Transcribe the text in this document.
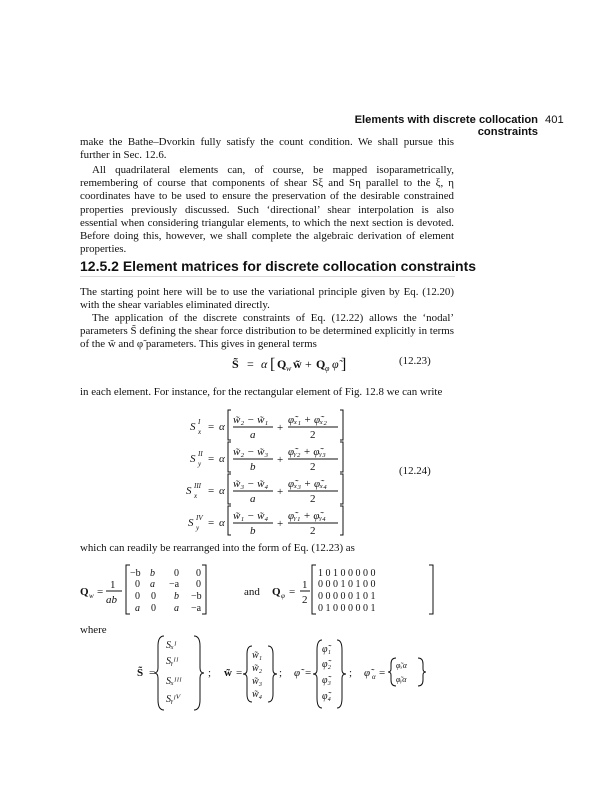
Elements with discrete collocation constraints
401

make the Bathe–Dvorkin fully satisfy the count condition. We shall pursue this further in Sec. 12.6.

All quadrilateral elements can, of course, be mapped isoparametrically, remembering of course that components of shear Sξ and Sη parallel to the ξ, η coordinates have to be used to ensure the preservation of the desirable constrained properties previously discussed. Such ‘directional’ shear interpolation is also essential when considering triangular elements, to which the next section is devoted. Before doing this, however, we shall complete the algebraic derivation of element properties.

12.5.2 Element matrices for discrete collocation constraints

The starting point here will be to use the variational principle given by Eq. (12.20) with the shear variables eliminated directly.

The application of the discrete constraints of Eq. (12.22) allows the ‘nodal’ parameters S̃ defining the shear force distribution to be determined explicitly in terms of the w̃ and φ̃ parameters. This gives in general terms

S̃ = α [ Q w w̃ + Q φ φ̃ ]	(12.23)

in each element. For instance, for the rectangular element of Fig. 12.8 we can write

S I
x = α
w̃₂ − w̃₁
a
+
φ̃ₓ₁ + φ̃ₓ₂
2
S II
y = α
w̃₂ − w̃₃
b
+
φ̃ᵧ₂ + φ̃ᵧ₃
2
S III
x = α
w̃₃ − w̃₄
a
+
φ̃ₓ₃ + φ̃ₓ₄
2
S IV
y = α
w̃₁ − w̃₄
b
+
φ̃ᵧ₁ + φ̃ᵧ₄
2
(12.24)

which can readily be rearranged into the form of Eq. (12.23) as

Q w =
1
ab
−b b 0 0
0 a −a 0
0 0 b −b
a 0 a −a
and Q φ =
1
2
1 0 1 0 0 0 0 0
0 0 0 1 0 1 0 0
0 0 0 0 0 1 0 1
0 1 0 0 0 0 0 1

where

S̃ =
Sₓᴵ
Sᵧᴵᴵ
Sₓᴵᴵᴵ
Sᵧᴵⱽ
; w̃ =
w̃₁
w̃₂
w̃₃
w̃₄
; φ̃ =
φ̃₁
φ̃₂
φ̃₃
φ̃₄
; φ̃ α =
φ̃ₓα
φ̃ᵧα
